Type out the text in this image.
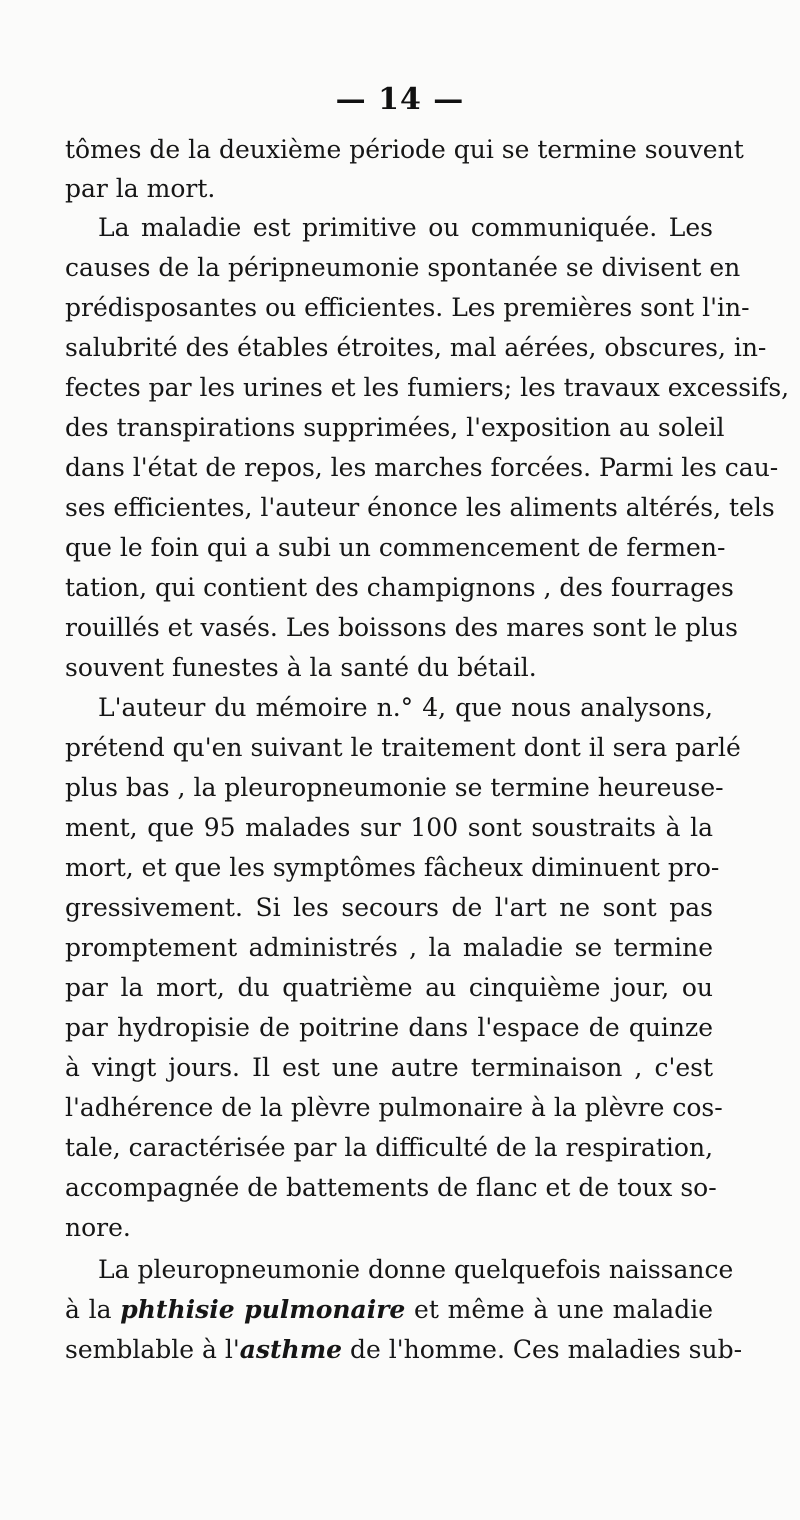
— 14 —
tômes de la deuxième période qui se termine souvent
par la mort.
La maladie est primitive ou communiquée. Les
causes de la péripneumonie spontanée se divisent en
prédisposantes ou efficientes. Les premières sont l'in-
salubrité des étables étroites, mal aérées, obscures, in-
fectes par les urines et les fumiers; les travaux excessifs,
des transpirations supprimées, l'exposition au soleil
dans l'état de repos, les marches forcées. Parmi les cau-
ses efficientes, l'auteur énonce les aliments altérés, tels
que le foin qui a subi un commencement de fermen-
tation, qui contient des champignons , des fourrages
rouillés et vasés. Les boissons des mares sont le plus
souvent funestes à la santé du bétail.
L'auteur du mémoire n.° 4, que nous analysons,
prétend qu'en suivant le traitement dont il sera parlé
plus bas , la pleuropneumonie se termine heureuse-
ment, que 95 malades sur 100 sont soustraits à la
mort, et que les symptômes fâcheux diminuent pro-
gressivement. Si les secours de l'art ne sont pas
promptement administrés , la maladie se termine
par la mort, du quatrième au cinquième jour, ou
par hydropisie de poitrine dans l'espace de quinze
à vingt jours. Il est une autre terminaison , c'est
l'adhérence de la plèvre pulmonaire à la plèvre cos-
tale, caractérisée par la difficulté de la respiration,
accompagnée de battements de flanc et de toux so-
nore.
La pleuropneumonie donne quelquefois naissance
à la phthisie pulmonaire et même à une maladie
semblable à l'asthme de l'homme. Ces maladies sub-
